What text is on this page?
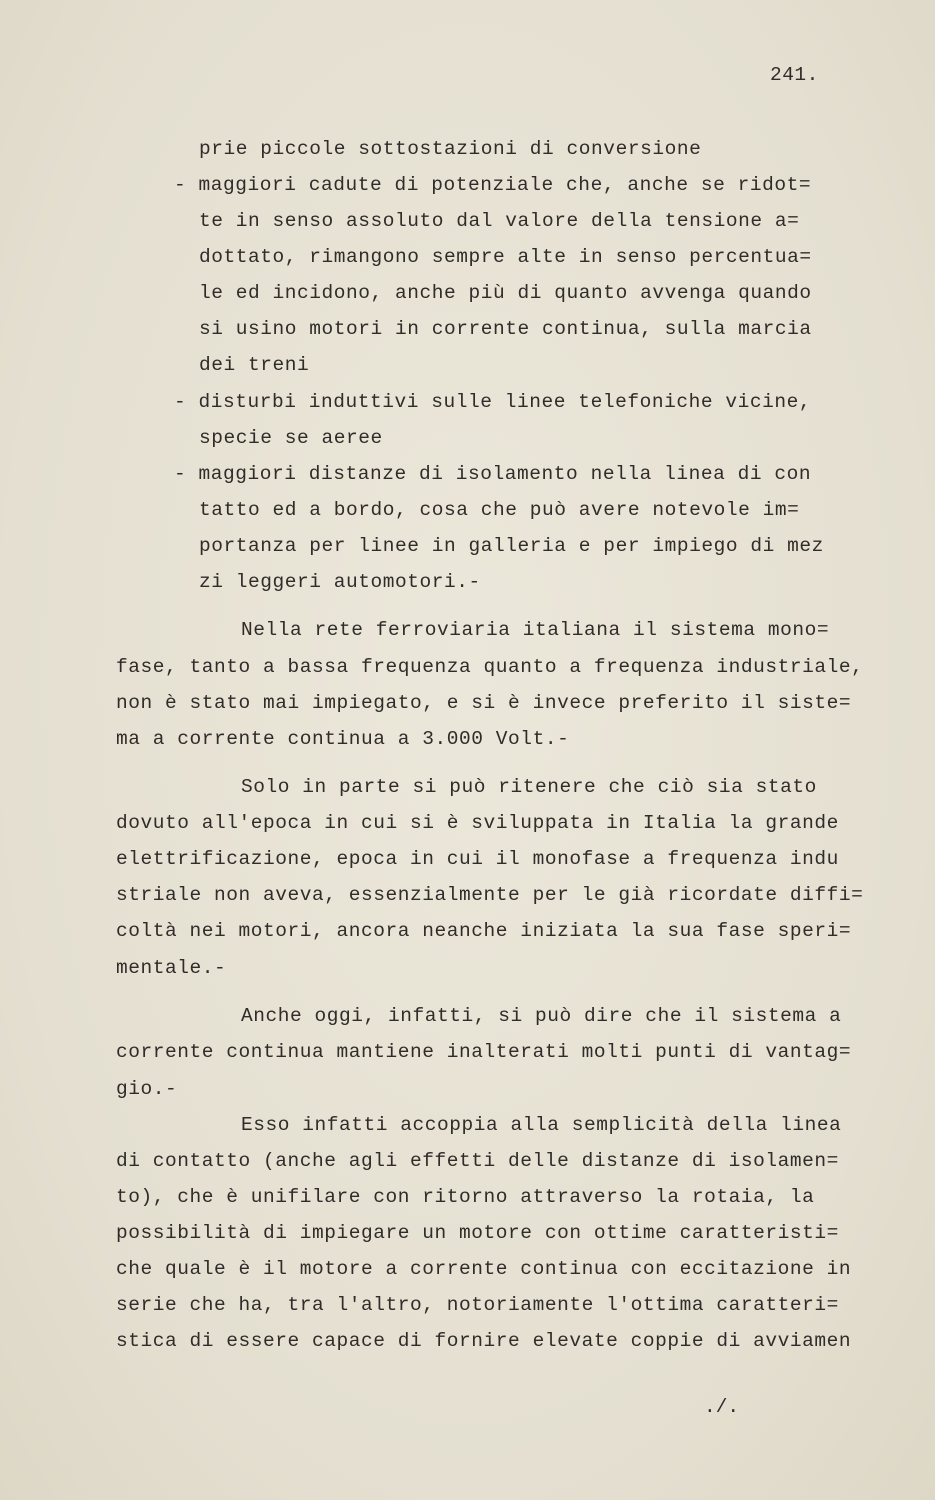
241.
prie piccole sottostazioni di conversione
- maggiori cadute di potenziale che, anche se ridot=
te in senso assoluto dal valore della tensione a=
dottato, rimangono sempre alte in senso percentua=
le ed incidono, anche più di quanto avvenga quando
si usino motori in corrente continua, sulla marcia
dei treni
- disturbi induttivi sulle linee telefoniche vicine,
specie se aeree
- maggiori distanze di isolamento nella linea di con
tatto ed a bordo, cosa che può avere notevole im=
portanza per linee in galleria e per impiego di mez
zi leggeri automotori.-
Nella rete ferroviaria italiana il sistema mono=
fase, tanto a bassa frequenza quanto a frequenza industriale,
non è stato mai impiegato, e si è invece preferito il siste=
ma a corrente continua a 3.000 Volt.-
Solo in parte si può ritenere che ciò sia stato
dovuto all'epoca in cui si è sviluppata in Italia la grande
elettrificazione, epoca in cui il monofase a frequenza indu
striale non aveva, essenzialmente per le già ricordate diffi=
coltà nei motori, ancora neanche iniziata la sua fase speri=
mentale.-
Anche oggi, infatti, si può dire che il sistema a
corrente continua mantiene inalterati molti punti di vantag=
gio.-
Esso infatti accoppia alla semplicità della linea
di contatto (anche agli effetti delle distanze di isolamen=
to), che è unifilare con ritorno attraverso la rotaia, la
possibilità di impiegare un motore con ottime caratteristi=
che quale è il motore a corrente continua con eccitazione in
serie che ha, tra l'altro, notoriamente l'ottima caratteri=
stica di essere capace di fornire elevate coppie di avviamen
./.
